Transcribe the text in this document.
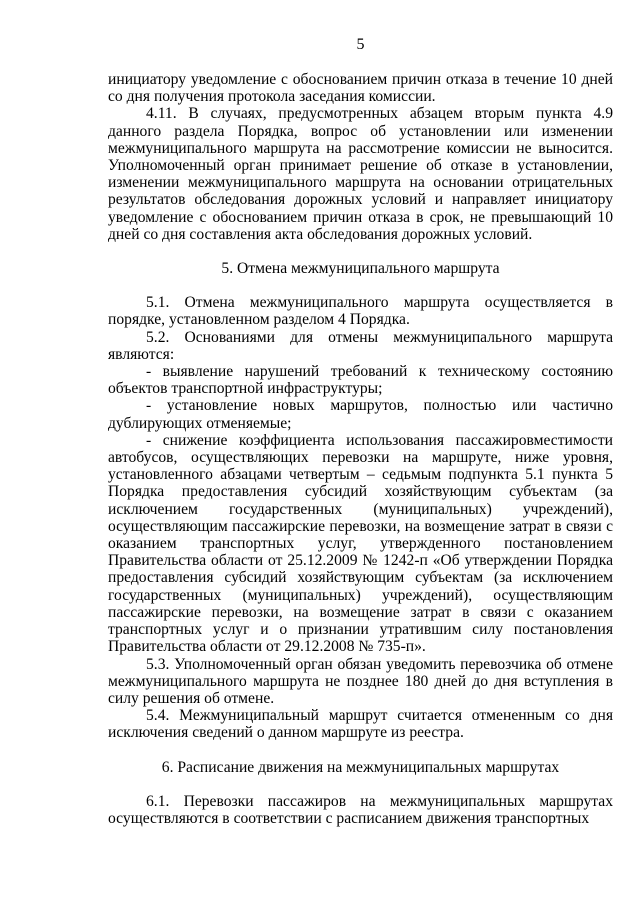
5

инициатору уведомление с обоснованием причин отказа в течение 10 дней со дня получения протокола заседания комиссии.

4.11. В случаях, предусмотренных абзацем вторым пункта 4.9 данного раздела Порядка, вопрос об установлении или изменении межмуниципального маршрута на рассмотрение комиссии не выносится. Уполномоченный орган принимает решение об отказе в установлении, изменении межмуниципального маршрута на основании отрицательных результатов обследования дорожных условий и направляет инициатору уведомление с обоснованием причин отказа в срок, не превышающий 10 дней со дня составления акта обследования дорожных условий.

5. Отмена межмуниципального маршрута

5.1. Отмена межмуниципального маршрута осуществляется в порядке, установленном разделом 4 Порядка.

5.2. Основаниями для отмены межмуниципального маршрута являются:

- выявление нарушений требований к техническому состоянию объектов транспортной инфраструктуры;

- установление новых маршрутов, полностью или частично дублирующих отменяемые;

- снижение коэффициента использования пассажировместимости автобусов, осуществляющих перевозки на маршруте, ниже уровня, установленного абзацами четвертым – седьмым подпункта 5.1 пункта 5 Порядка предоставления субсидий хозяйствующим субъектам (за исключением государственных (муниципальных) учреждений), осуществляющим пассажирские перевозки, на возмещение затрат в связи с оказанием транспортных услуг, утвержденного постановлением Правительства области от 25.12.2009 № 1242-п «Об утверждении Порядка предоставления субсидий хозяйствующим субъектам (за исключением государственных (муниципальных) учреждений), осуществляющим пассажирские перевозки, на возмещение затрат в связи с оказанием транспортных услуг и о признании утратившим силу постановления Правительства области от 29.12.2008 № 735-п».

5.3. Уполномоченный орган обязан уведомить перевозчика об отмене межмуниципального маршрута не позднее 180 дней до дня вступления в силу решения об отмене.

5.4. Межмуниципальный маршрут считается отмененным со дня исключения сведений о данном маршруте из реестра.

6. Расписание движения на межмуниципальных маршрутах

6.1. Перевозки пассажиров на межмуниципальных маршрутах осуществляются в соответствии с расписанием движения транспортных
